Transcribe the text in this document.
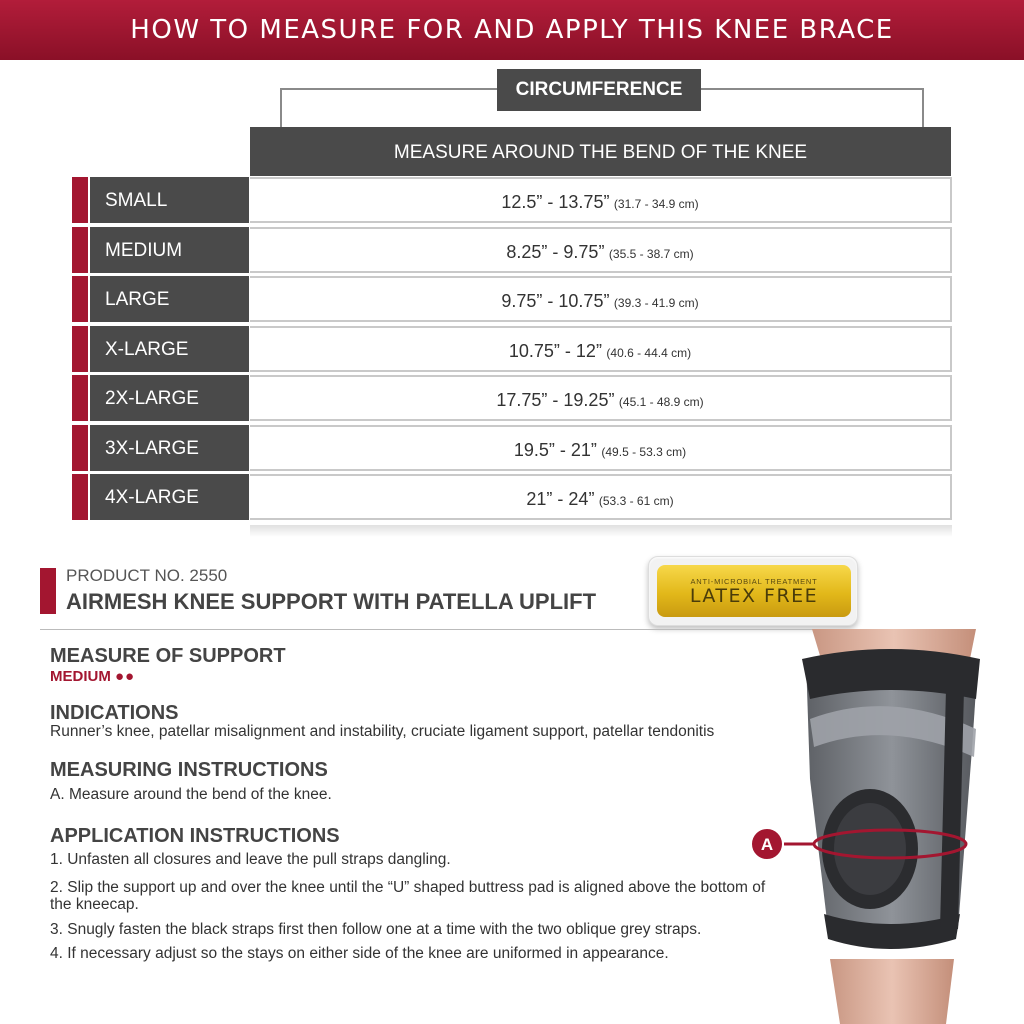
HOW TO MEASURE FOR AND APPLY THIS KNEE BRACE
CIRCUMFERENCE
MEASURE AROUND THE BEND OF THE KNEE
SMALL	12.5” - 13.75” (31.7 - 34.9 cm)
MEDIUM	8.25” - 9.75” (35.5 - 38.7 cm)
LARGE	9.75” - 10.75” (39.3 - 41.9 cm)
X-LARGE	10.75” - 12” (40.6 - 44.4 cm)
2X-LARGE	17.75” - 19.25” (45.1 - 48.9 cm)
3X-LARGE	19.5” - 21” (49.5 - 53.3 cm)
4X-LARGE	21” - 24” (53.3 - 61 cm)
PRODUCT NO. 2550
AIRMESH KNEE SUPPORT WITH PATELLA UPLIFT
ANTI-MICROBIAL TREATMENT
LATEX FREE
MEASURE OF SUPPORT
MEDIUM ●●
INDICATIONS
Runner’s knee, patellar misalignment and instability, cruciate ligament support, patellar tendonitis
MEASURING INSTRUCTIONS
A. Measure around the bend of the knee.
APPLICATION INSTRUCTIONS
1. Unfasten all closures and leave the pull straps dangling.
2. Slip the support up and over the knee until the “U” shaped buttress pad is aligned above the bottom of the kneecap.
3. Snugly fasten the black straps first then follow one at a time with the two oblique grey straps.
4. If necessary adjust so the stays on either side of the knee are uniformed in appearance.
A
